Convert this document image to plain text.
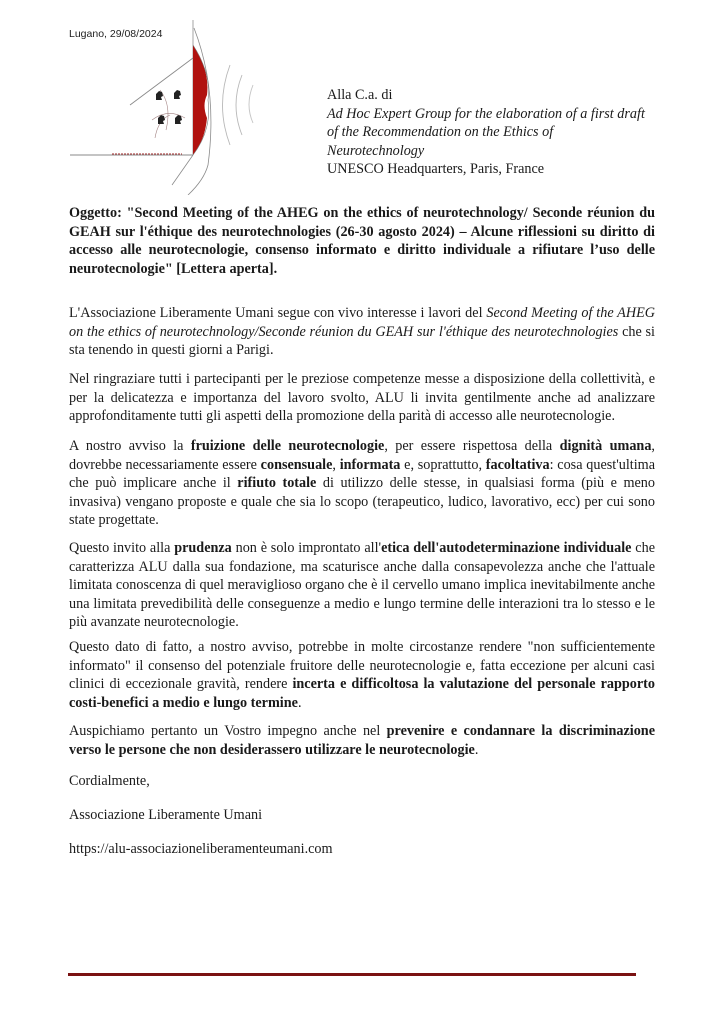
Lugano, 29/08/2024
Alla C.a. di
Ad Hoc Expert Group for the elaboration of a first draft
of the Recommendation on the Ethics of
Neurotechnology
UNESCO Headquarters, Paris, France
Oggetto: "Second Meeting of the AHEG on the ethics of neurotechnology/ Seconde réunion du GEAH sur l'éthique des neurotechnologies (26-30 agosto 2024) – Alcune riflessioni su diritto di accesso alle neurotecnologie, consenso informato e diritto individuale a rifiutare l’uso delle neurotecnologie" [Lettera aperta].

L'Associazione Liberamente Umani segue con vivo interesse i lavori del Second Meeting of the AHEG on the ethics of neurotechnology/Seconde réunion du GEAH sur l'éthique des neurotechnologies che si sta tenendo in questi giorni a Parigi.

Nel ringraziare tutti i partecipanti per le preziose competenze messe a disposizione della collettività, e per la delicatezza e importanza del lavoro svolto, ALU li invita gentilmente anche ad analizzare approfonditamente tutti gli aspetti della promozione della parità di accesso alle neurotecnologie.

A nostro avviso la fruizione delle neurotecnologie, per essere rispettosa della dignità umana, dovrebbe necessariamente essere consensuale, informata e, soprattutto, facoltativa: cosa quest'ultima che può implicare anche il rifiuto totale di utilizzo delle stesse, in qualsiasi forma (più e meno invasiva) vengano proposte e quale che sia lo scopo (terapeutico, ludico, lavorativo, ecc) per cui sono state progettate.

Questo invito alla prudenza non è solo improntato all'etica dell'autodeterminazione individuale che caratterizza ALU dalla sua fondazione, ma scaturisce anche dalla consapevolezza anche che l'attuale limitata conoscenza di quel meraviglioso organo che è il cervello umano implica inevitabilmente anche una limitata prevedibilità delle conseguenze a medio e lungo termine delle interazioni tra lo stesso e le più avanzate neurotecnologie.

Questo dato di fatto, a nostro avviso, potrebbe in molte circostanze rendere "non sufficientemente informato" il consenso del potenziale fruitore delle neurotecnologie e, fatta eccezione per alcuni casi clinici di eccezionale gravità, rendere incerta e difficoltosa la valutazione del personale rapporto costi-benefici a medio e lungo termine.

Auspichiamo pertanto un Vostro impegno anche nel prevenire e condannare la discriminazione verso le persone che non desiderassero utilizzare le neurotecnologie.

Cordialmente,
Associazione Liberamente Umani
https://alu-associazioneliberamenteumani.com
